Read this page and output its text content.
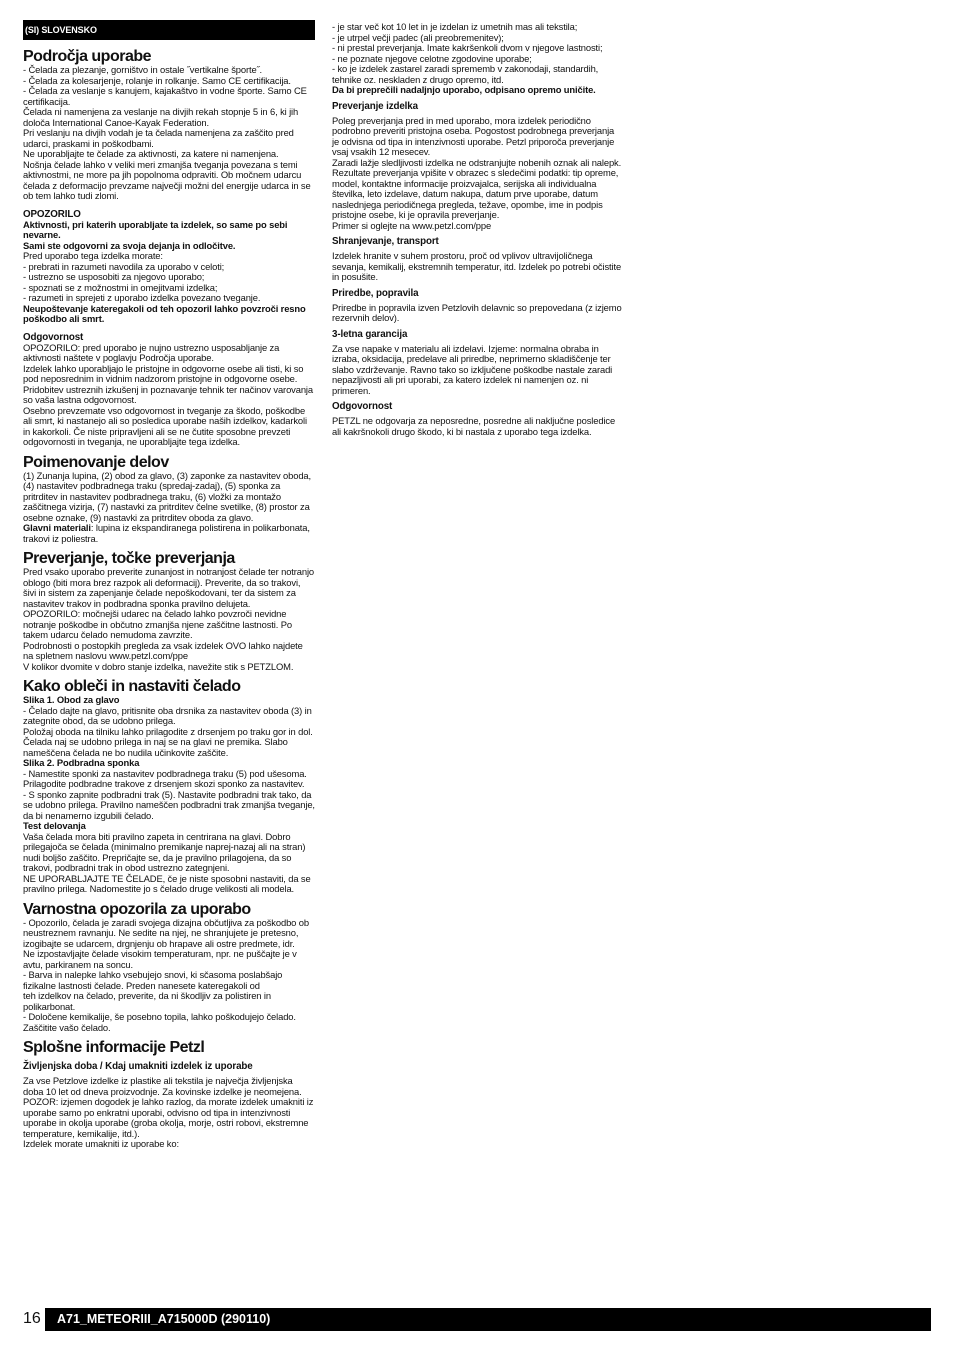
(SI) SLOVENSKO
Področja uporabe
- Čelada za plezanje, gorništvo in ostale ˝vertikalne športe˝.
- Čelada za kolesarjenje, rolanje in rolkanje. Samo CE certifikacija.
- Čelada za veslanje s kanujem, kajakaštvo in vodne športe. Samo CE certifikacija.
Čelada ni namenjena za veslanje na divjih rekah stopnje 5 in 6, ki jih določa International Canoe-Kayak Federation.
Pri veslanju na divjih vodah je ta čelada namenjena za zaščito pred udarci, praskami in poškodbami.
Ne uporabljajte te čelade za aktivnosti, za katere ni namenjena.
Nošnja čelade lahko v veliki meri zmanjša tveganja povezana s temi aktivnostmi, ne more pa jih popolnoma odpraviti. Ob močnem udarcu čelada z deformacijo prevzame največji možni del energije udarca in se ob tem lahko tudi zlomi.
OPOZORILO
Aktivnosti, pri katerih uporabljate ta izdelek, so same po sebi nevarne.
Sami ste odgovorni za svoja dejanja in odločitve.
Pred uporabo tega izdelka morate:
- prebrati in razumeti navodila za uporabo v celoti;
- ustrezno se usposobiti za njegovo uporabo;
- spoznati se z možnostmi in omejitvami izdelka;
- razumeti in sprejeti z uporabo izdelka povezano tveganje.
Neupoštevanje kateregakoli od teh opozoril lahko povzroči resno poškodbo ali smrt.
Odgovornost
OPOZORILO: pred uporabo je nujno ustrezno usposabljanje za aktivnosti naštete v poglavju Področja uporabe.
Izdelek lahko uporabljajo le pristojne in odgovorne osebe ali tisti, ki so pod neposrednim in vidnim nadzorom pristojne in odgovorne osebe.
Pridobitev ustreznih izkušenj in poznavanje tehnik ter načinov varovanja so vaša lastna odgovornost.
Osebno prevzemate vso odgovornost in tveganje za škodo, poškodbe ali smrt, ki nastanejo ali so posledica uporabe naših izdelkov, kadarkoli in kakorkoli. Če niste pripravljeni ali se ne čutite sposobne prevzeti odgovornosti in tveganja, ne uporabljajte tega izdelka.
Poimenovanje delov
(1) Zunanja lupina, (2) obod za glavo, (3) zaponke za nastavitev oboda, (4) nastavitev podbradnega traku (spredaj-zadaj), (5) sponka za pritrditev in nastavitev podbradnega traku, (6) vložki za montažo zaščitnega vizirja, (7) nastavki za pritrditev čelne svetilke, (8) prostor za osebne oznake, (9) nastavki za pritrditev oboda za glavo.
Glavni materiali: lupina iz ekspandiranega polistirena in polikarbonata, trakovi iz poliestra.
Preverjanje, točke preverjanja
Pred vsako uporabo preverite zunanjost in notranjost čelade ter notranjo oblogo (biti mora brez razpok ali deformacij). Preverite, da so trakovi, šivi in sistem za zapenjanje čelade nepoškodovani, ter da sistem za nastavitev trakov in podbradna sponka pravilno delujeta.
OPOZORILO: močnejši udarec na čelado lahko povzroči nevidne notranje poškodbe in občutno zmanjša njene zaščitne lastnosti. Po takem udarcu čelado nemudoma zavrzite.
Podrobnosti o postopkih pregleda za vsak izdelek OVO lahko najdete na spletnem naslovu www.petzl.com/ppe
V kolikor dvomite v dobro stanje izdelka, navežite stik s PETZLOM.
Kako obleči in nastaviti čelado
Slika 1. Obod za glavo
- Čelado dajte na glavo, pritisnite oba drsnika za nastavitev oboda (3) in zategnite obod, da se udobno prilega.
Položaj oboda na tilniku lahko prilagodite z drsenjem po traku gor in dol.
Čelada naj se udobno prilega in naj se na glavi ne premika. Slabo nameščena čelada ne bo nudila učinkovite zaščite.
Slika 2. Podbradna sponka
- Namestite sponki za nastavitev podbradnega traku (5) pod ušesoma. Prilagodite podbradne trakove z drsenjem skozi sponko za nastavitev.
- S sponko zapnite podbradni trak (5). Nastavite podbradni trak tako, da se udobno prilega. Pravilno nameščen podbradni trak zmanjša tveganje, da bi nenamerno izgubili čelado.
Test delovanja
Vaša čelada mora biti pravilno zapeta in centrirana na glavi. Dobro prilegajoča se čelada (minimalno premikanje naprej-nazaj ali na stran) nudi boljšo zaščito. Prepričajte se, da je pravilno prilagojena, da so trakovi, podbradni trak in obod ustrezno zategnjeni.
NE UPORABLJAJTE TE ČELADE, če je niste sposobni nastaviti, da se pravilno prilega. Nadomestite jo s čelado druge velikosti ali modela.
Varnostna opozorila za uporabo
- Opozorilo, čelada je zaradi svojega dizajna občutljiva za poškodbo ob neustreznem ravnanju. Ne sedite na njej, ne shranjujete je pretesno, izogibajte se udarcem, drgnjenju ob hrapave ali ostre predmete, idr.
Ne izpostavljajte čelade visokim temperaturam, npr. ne puščajte je v avtu, parkiranem na soncu.
- Barva in nalepke lahko vsebujejo snovi, ki sčasoma poslabšajo fizikalne lastnosti čelade. Preden nanesete kateregakoli od
teh izdelkov na čelado, preverite, da ni škodljiv za polistiren in polikarbonat.
- Določene kemikalije, še posebno topila, lahko poškodujejo čelado. Zaščitite vašo čelado.
Splošne informacije Petzl
Življenjska doba / Kdaj umakniti izdelek iz uporabe
Za vse Petzlove izdelke iz plastike ali tekstila je največja življenjska doba 10 let od dneva proizvodnje. Za kovinske izdelke je neomejena.
POZOR: izjemen dogodek je lahko razlog, da morate izdelek umakniti iz uporabe samo po enkratni uporabi, odvisno od tipa in intenzivnosti uporabe in okolja uporabe (groba okolja, morje, ostri robovi, ekstremne temperature, kemikalije, itd.).
Izdelek morate umakniti iz uporabe ko:
- je star več kot 10 let in je izdelan iz umetnih mas ali tekstila;
- je utrpel večji padec (ali preobremenitev);
- ni prestal preverjanja. Imate kakršenkoli dvom v njegove lastnosti;
- ne poznate njegove celotne zgodovine uporabe;
- ko je izdelek zastarel zaradi sprememb v zakonodaji, standardih, tehnike oz. neskladen z drugo opremo, itd.
Da bi preprečili nadaljnjo uporabo, odpisano opremo uničite.
Preverjanje izdelka
Poleg preverjanja pred in med uporabo, mora izdelek periodično podrobno preveriti pristojna oseba. Pogostost podrobnega preverjanja je odvisna od tipa in intenzivnosti uporabe. Petzl priporoča preverjanje vsaj vsakih 12 mesecev.
Zaradi lažje sledljivosti izdelka ne odstranjujte nobenih oznak ali nalepk.
Rezultate preverjanja vpišite v obrazec s sledečimi podatki: tip opreme, model, kontaktne informacije proizvajalca, serijska ali individualna številka, leto izdelave, datum nakupa, datum prve uporabe, datum naslednjega periodičnega pregleda, težave, opombe, ime in podpis pristojne osebe, ki je opravila preverjanje.
Primer si oglejte na www.petzl.com/ppe
Shranjevanje, transport
Izdelek hranite v suhem prostoru, proč od vplivov ultravijoličnega sevanja, kemikalij, ekstremnih temperatur, itd. Izdelek po potrebi očistite in posušite.
Priredbe, popravila
Priredbe in popravila izven Petzlovih delavnic so prepovedana (z izjemo rezervnih delov).
3-letna garancija
Za vse napake v materialu ali izdelavi. Izjeme: normalna obraba in izraba, oksidacija, predelave ali priredbe, neprimerno skladiščenje ter slabo vzdrževanje. Ravno tako so izključene poškodbe nastale zaradi nepazljivosti ali pri uporabi, za katero izdelek ni namenjen oz. ni primeren.
Odgovornost
PETZL ne odgovarja za neposredne, posredne ali naključne posledice ali kakršnokoli drugo škodo, ki bi nastala z uporabo tega izdelka.
16	A71_METEORIII_A715000D (290110)
